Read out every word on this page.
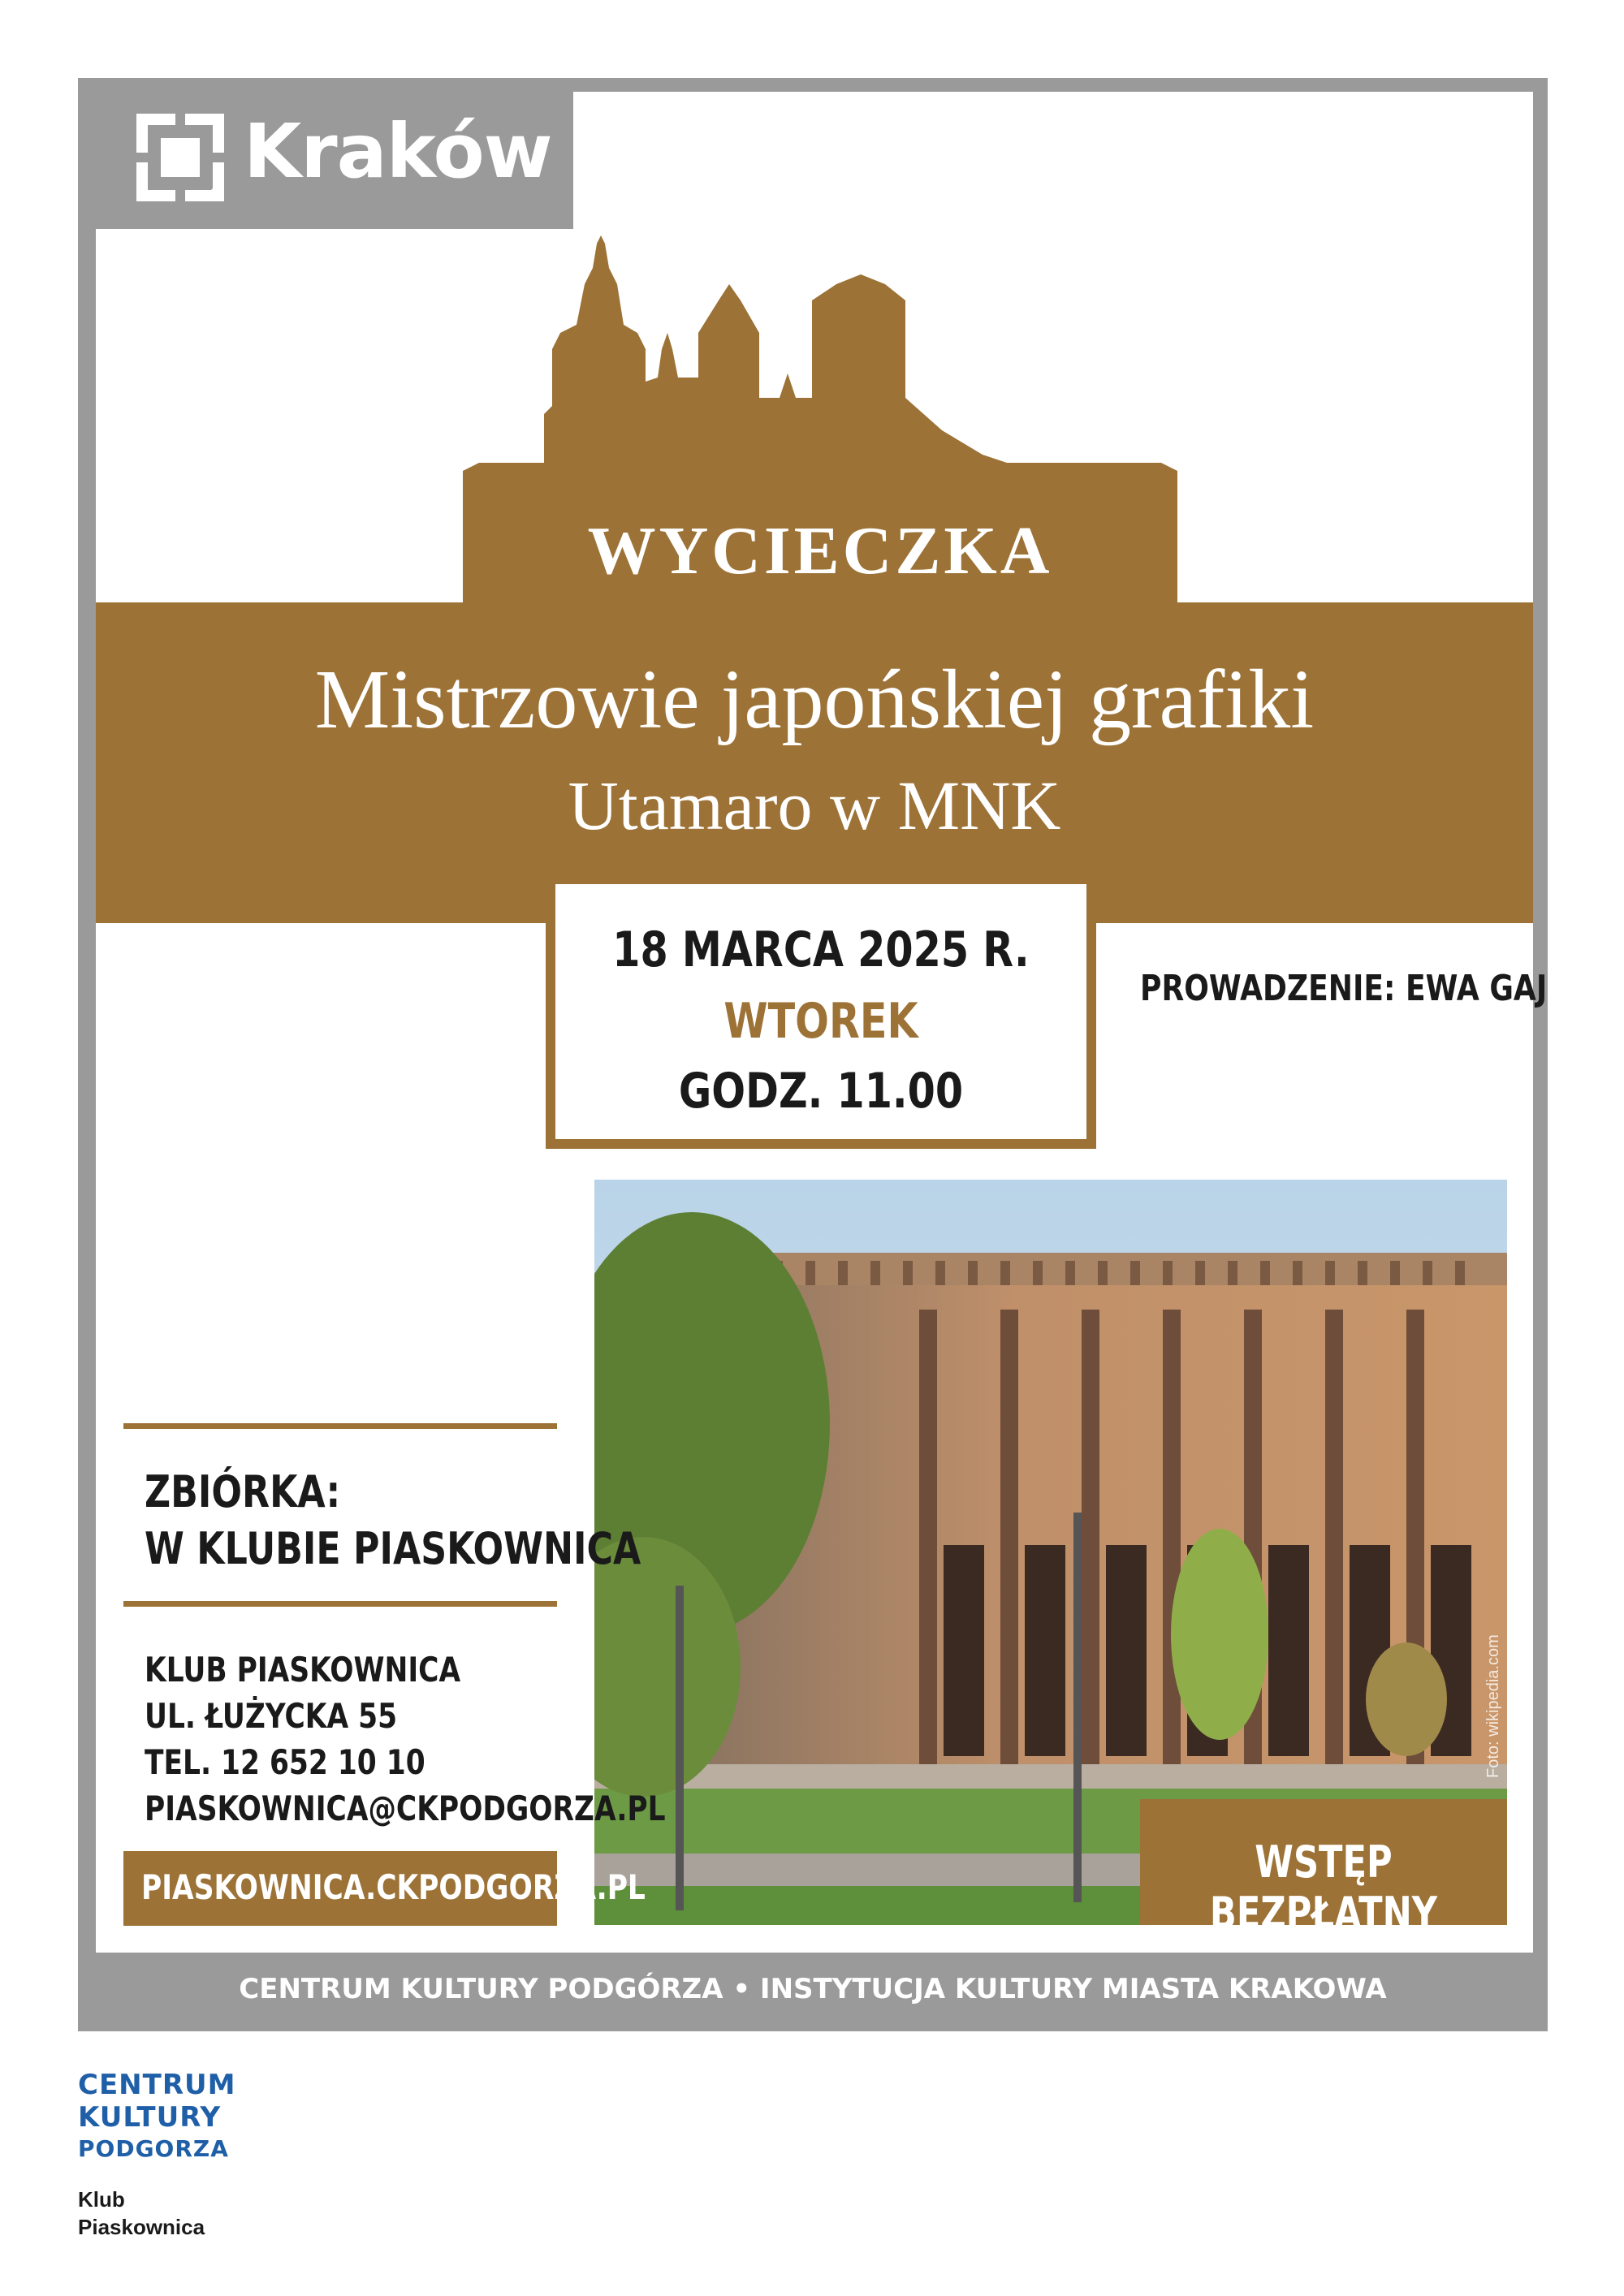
Kraków
WYCIECZKA
Mistrzowie japońskiej grafiki
Utamaro w MNK
18 MARCA 2025 R.
WTOREK
GODZ. 11.00
PROWADZENIE: EWA GAJ
Foto: wikipedia.com
WSTĘP BEZPŁATNY
ZBIÓRKA:
W KLUBIE PIASKOWNICA
KLUB PIASKOWNICA
UL. ŁUŻYCKA 55
TEL. 12 652 10 10
PIASKOWNICA@CKPODGORZA.PL
PIASKOWNICA.CKPODGORZA.PL
CENTRUM KULTURY PODGÓRZA • INSTYTUCJA KULTURY MIASTA KRAKOWA
CENTRUM
KULTURY
PODGORZA
Klub
Piaskownica
